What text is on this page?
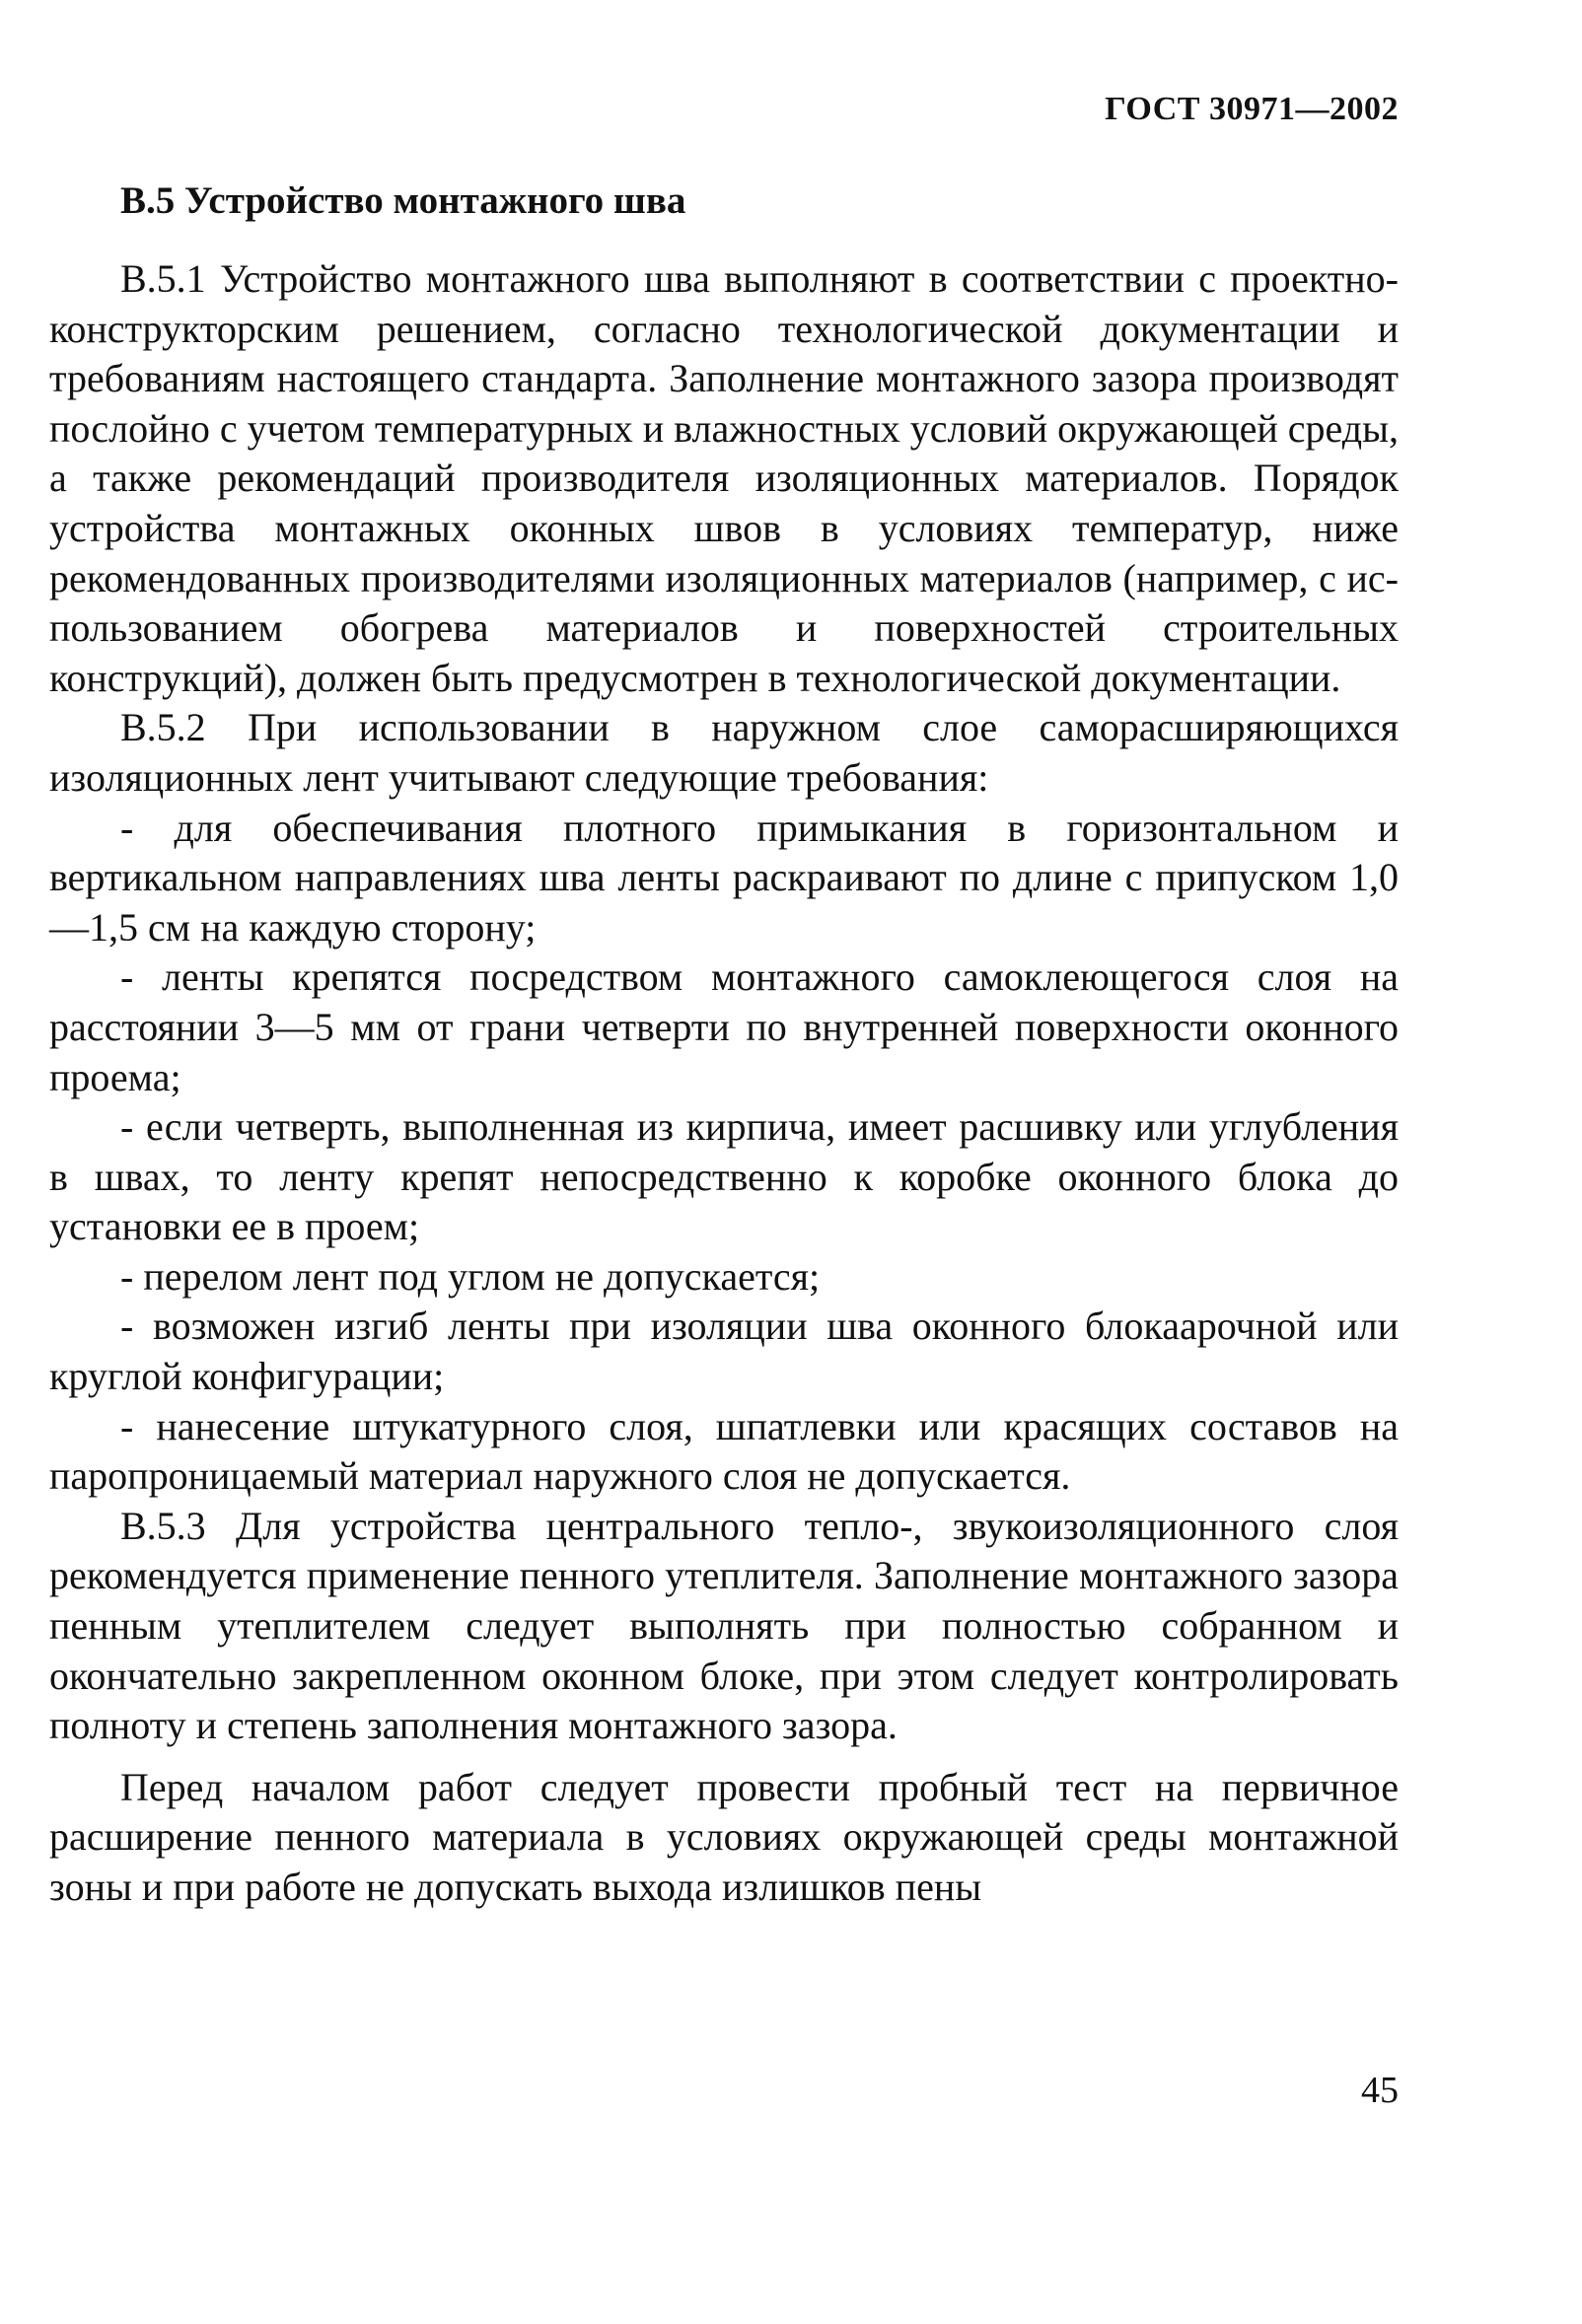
ГОСТ 30971—2002
В.5 Устройство монтажного шва

В.5.1 Устройство монтажного шва выполняют в соответствии с проектно-конструкторским решением, согласно технологической документации и требованиям настоящего стандарта. Заполнение монтажного зазора производят послойно с учетом температурных и влажностных условий окружающей среды, а также рекомендаций производителя изоляционных материалов. Порядок устройства монтажных оконных швов в условиях температур, ниже рекомендованных производителями изоляционных материалов (например, с использованием обогрева материалов и поверхностей строительных конструкций), должен быть предусмотрен в технологической документации.

В.5.2 При использовании в наружном слое саморасширяющихся изоляционных лент учитывают следующие требования:

- для обеспечивания плотного примыкания в горизонтальном и вертикальном направлениях шва ленты раскраивают по длине с припуском 1,0—1,5 см на каждую сторону;

- ленты крепятся посредством монтажного самоклеющегося слоя на расстоянии 3—5 мм от грани четверти по внутренней поверхности оконного проема;

- если четверть, выполненная из кирпича, имеет расшивку или углубления в швах, то ленту крепят непосредственно к коробке оконного блока до установки ее в проем;

- перелом лент под углом не допускается;

- возможен изгиб ленты при изоляции шва оконного блокаарочной или круглой конфигурации;

- нанесение штукатурного слоя, шпатлевки или красящих составов на паропроницаемый материал наружного слоя не допускается.

В.5.3 Для устройства центрального тепло-, звукоизоляционного слоя рекомендуется применение пенного утеплителя. Заполнение монтажного зазора пенным утеплителем следует выполнять при полностью собранном и окончательно закрепленном оконном блоке, при этом следует контролировать полноту и степень заполнения монтажного зазора.

Перед началом работ следует провести пробный тест на первичное расширение пенного материала в условиях окружающей среды монтажной зоны и при работе не допускать выхода излишков пены

45
